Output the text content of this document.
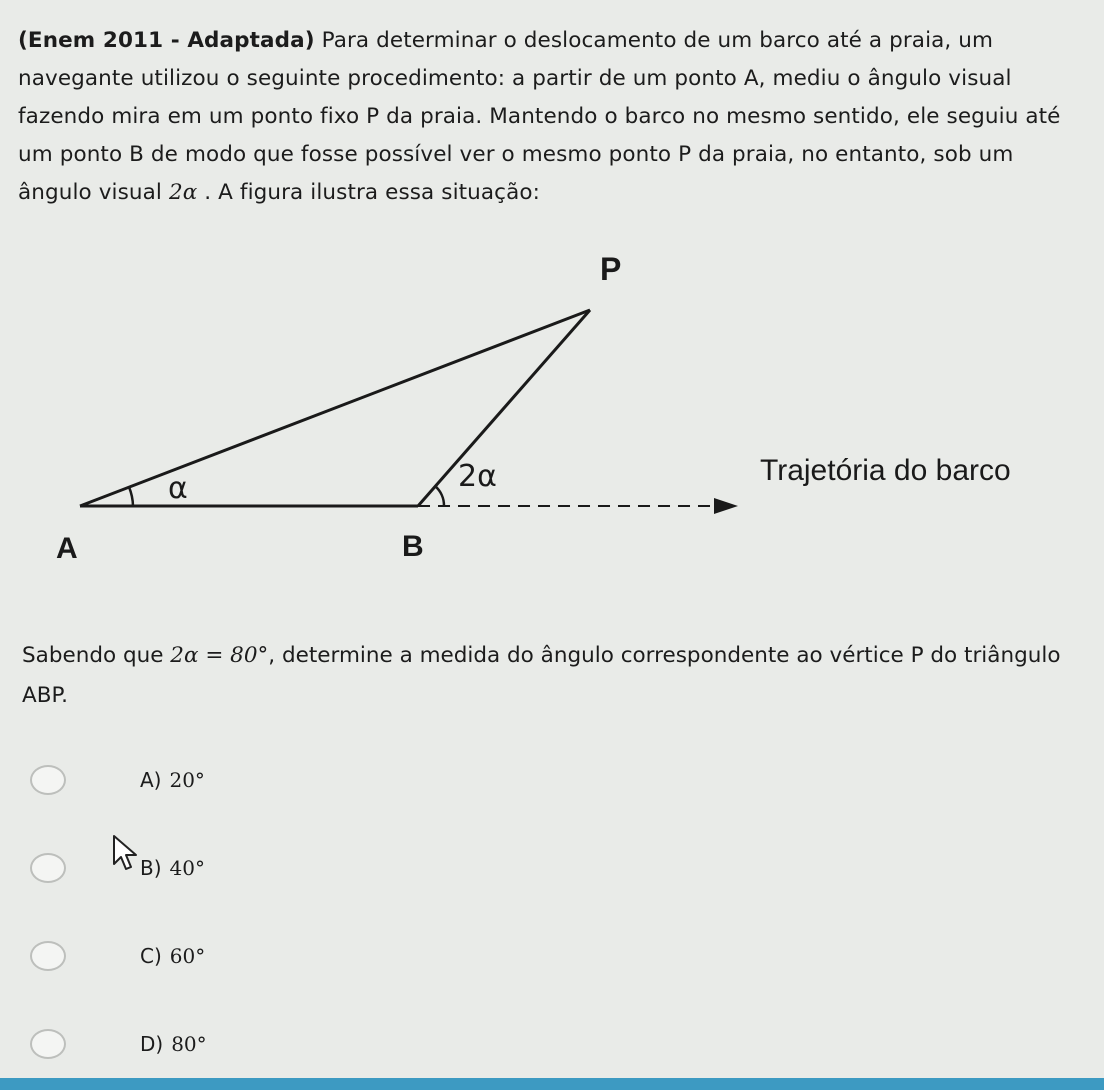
(Enem 2011 - Adaptada) Para determinar o deslocamento de um barco até a praia, um navegante utilizou o seguinte procedimento: a partir de um ponto A, mediu o ângulo visual fazendo mira em um ponto fixo P da praia. Mantendo o barco no mesmo sentido, ele seguiu até um ponto B de modo que fosse possível ver o mesmo ponto P da praia, no entanto, sob um ângulo visual 2α . A figura ilustra essa situação:

P
A	B
α	2α	Trajetória do barco

Sabendo que 2α = 80°, determine a medida do ângulo correspondente ao vértice P do triângulo ABP.

A) 20°
B) 40°
C) 60°
D) 80°
